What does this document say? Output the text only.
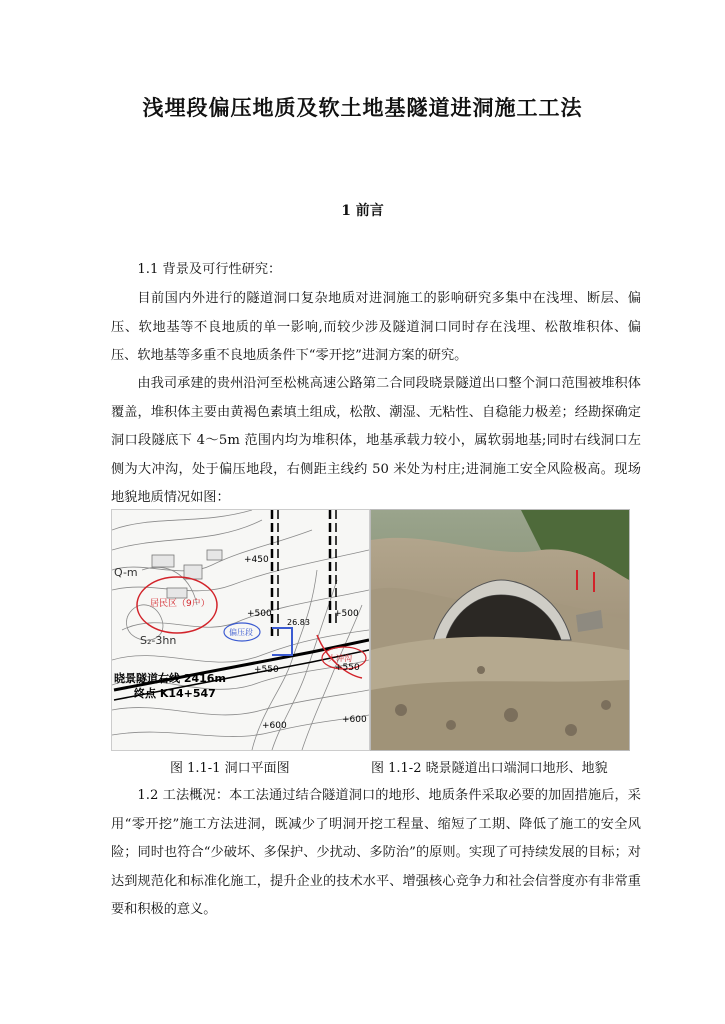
浅埋段偏压地质及软土地基隧道进洞施工工法
1 前言

1.1 背景及可行性研究：

目前国内外进行的隧道洞口复杂地质对进洞施工的影响研究多集中在浅埋、断层、偏压、软地基等不良地质的单一影响,而较少涉及隧道洞口同时存在浅埋、松散堆积体、偏压、软地基等多重不良地质条件下“零开挖”进洞方案的研究。

由我司承建的贵州沿河至松桃高速公路第二合同段晓景隧道出口整个洞口范围被堆积体覆盖，堆积体主要由黄褐色素填土组成，松散、潮湿、无粘性、自稳能力极差；经勘探确定洞口段隧底下 4～5m 范围内均为堆积体，地基承载力较小，属软弱地基;同时右线洞口左侧为大冲沟，处于偏压地段，右侧距主线约 50 米处为村庄;进洞施工安全风险极高。现场地貌地质情况如图：

居民区（9户）
Q-m
S₂-3hn
晓景隧道右线 2416m
终点 K14+547
+450
+500	+500
+550	+550
+600
+600
26.83
大冲沟
偏压段
图 1.1-1 洞口平面图	图 1.1-2 晓景隧道出口端洞口地形、地貌

1.2 工法概况：本工法通过结合隧道洞口的地形、地质条件采取必要的加固措施后，采用“零开挖”施工方法进洞，既减少了明洞开挖工程量、缩短了工期、降低了施工的安全风险；同时也符合“少破坏、多保护、少扰动、多防治”的原则。实现了可持续发展的目标；对达到规范化和标准化施工，提升企业的技术水平、增强核心竞争力和社会信誉度亦有非常重要和积极的意义。
